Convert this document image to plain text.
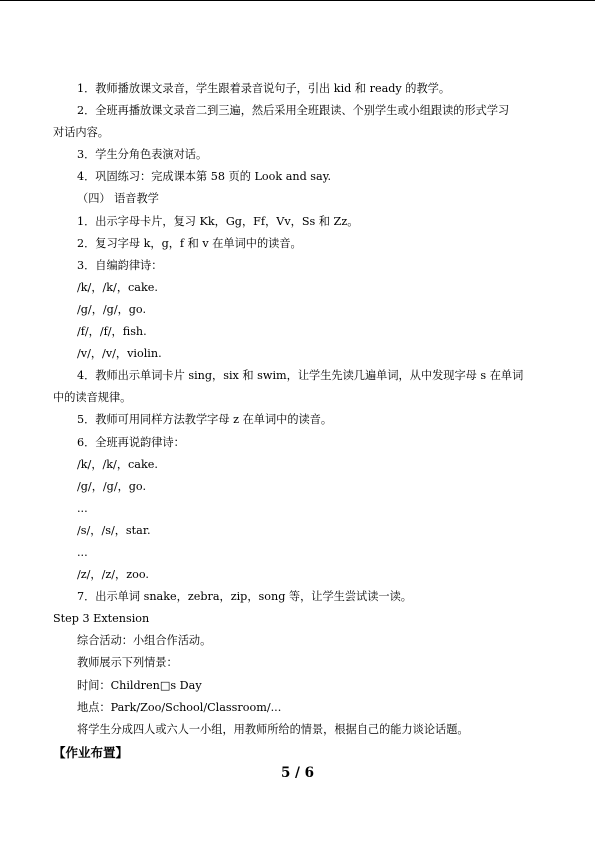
1．教师播放课文录音，学生跟着录音说句子，引出 kid 和 ready 的教学。

2．全班再播放课文录音二到三遍，然后采用全班跟读、个别学生或小组跟读的形式学习

对话内容。

3．学生分角色表演对话。

4．巩固练习：完成课本第 58 页的 Look and say.

（四） 语音教学

1．出示字母卡片，复习 Kk，Gg，Ff，Vv，Ss 和 Zz。

2．复习字母 k，g，f 和 v 在单词中的读音。

3．自编韵律诗：

/k/，/k/，cake.

/g/，/g/，go.

/f/，/f/，fish.

/v/，/v/，violin.

4．教师出示单词卡片 sing，six 和 swim，让学生先读几遍单词，从中发现字母 s 在单词

中的读音规律。

5．教师可用同样方法教学字母 z 在单词中的读音。

6．全班再说韵律诗：

/k/，/k/，cake.

/g/，/g/，go.

...

/s/，/s/，star.

...

/z/，/z/，zoo.

7．出示单词 snake，zebra，zip，song 等，让学生尝试读一读。

Step 3 Extension

综合活动：小组合作活动。

教师展示下列情景：

时间：Children□s Day

地点：Park/Zoo/School/Classroom/...

将学生分成四人或六人一小组，用教师所给的情景，根据自己的能力谈论话题。

【作业布置】

5 / 6
